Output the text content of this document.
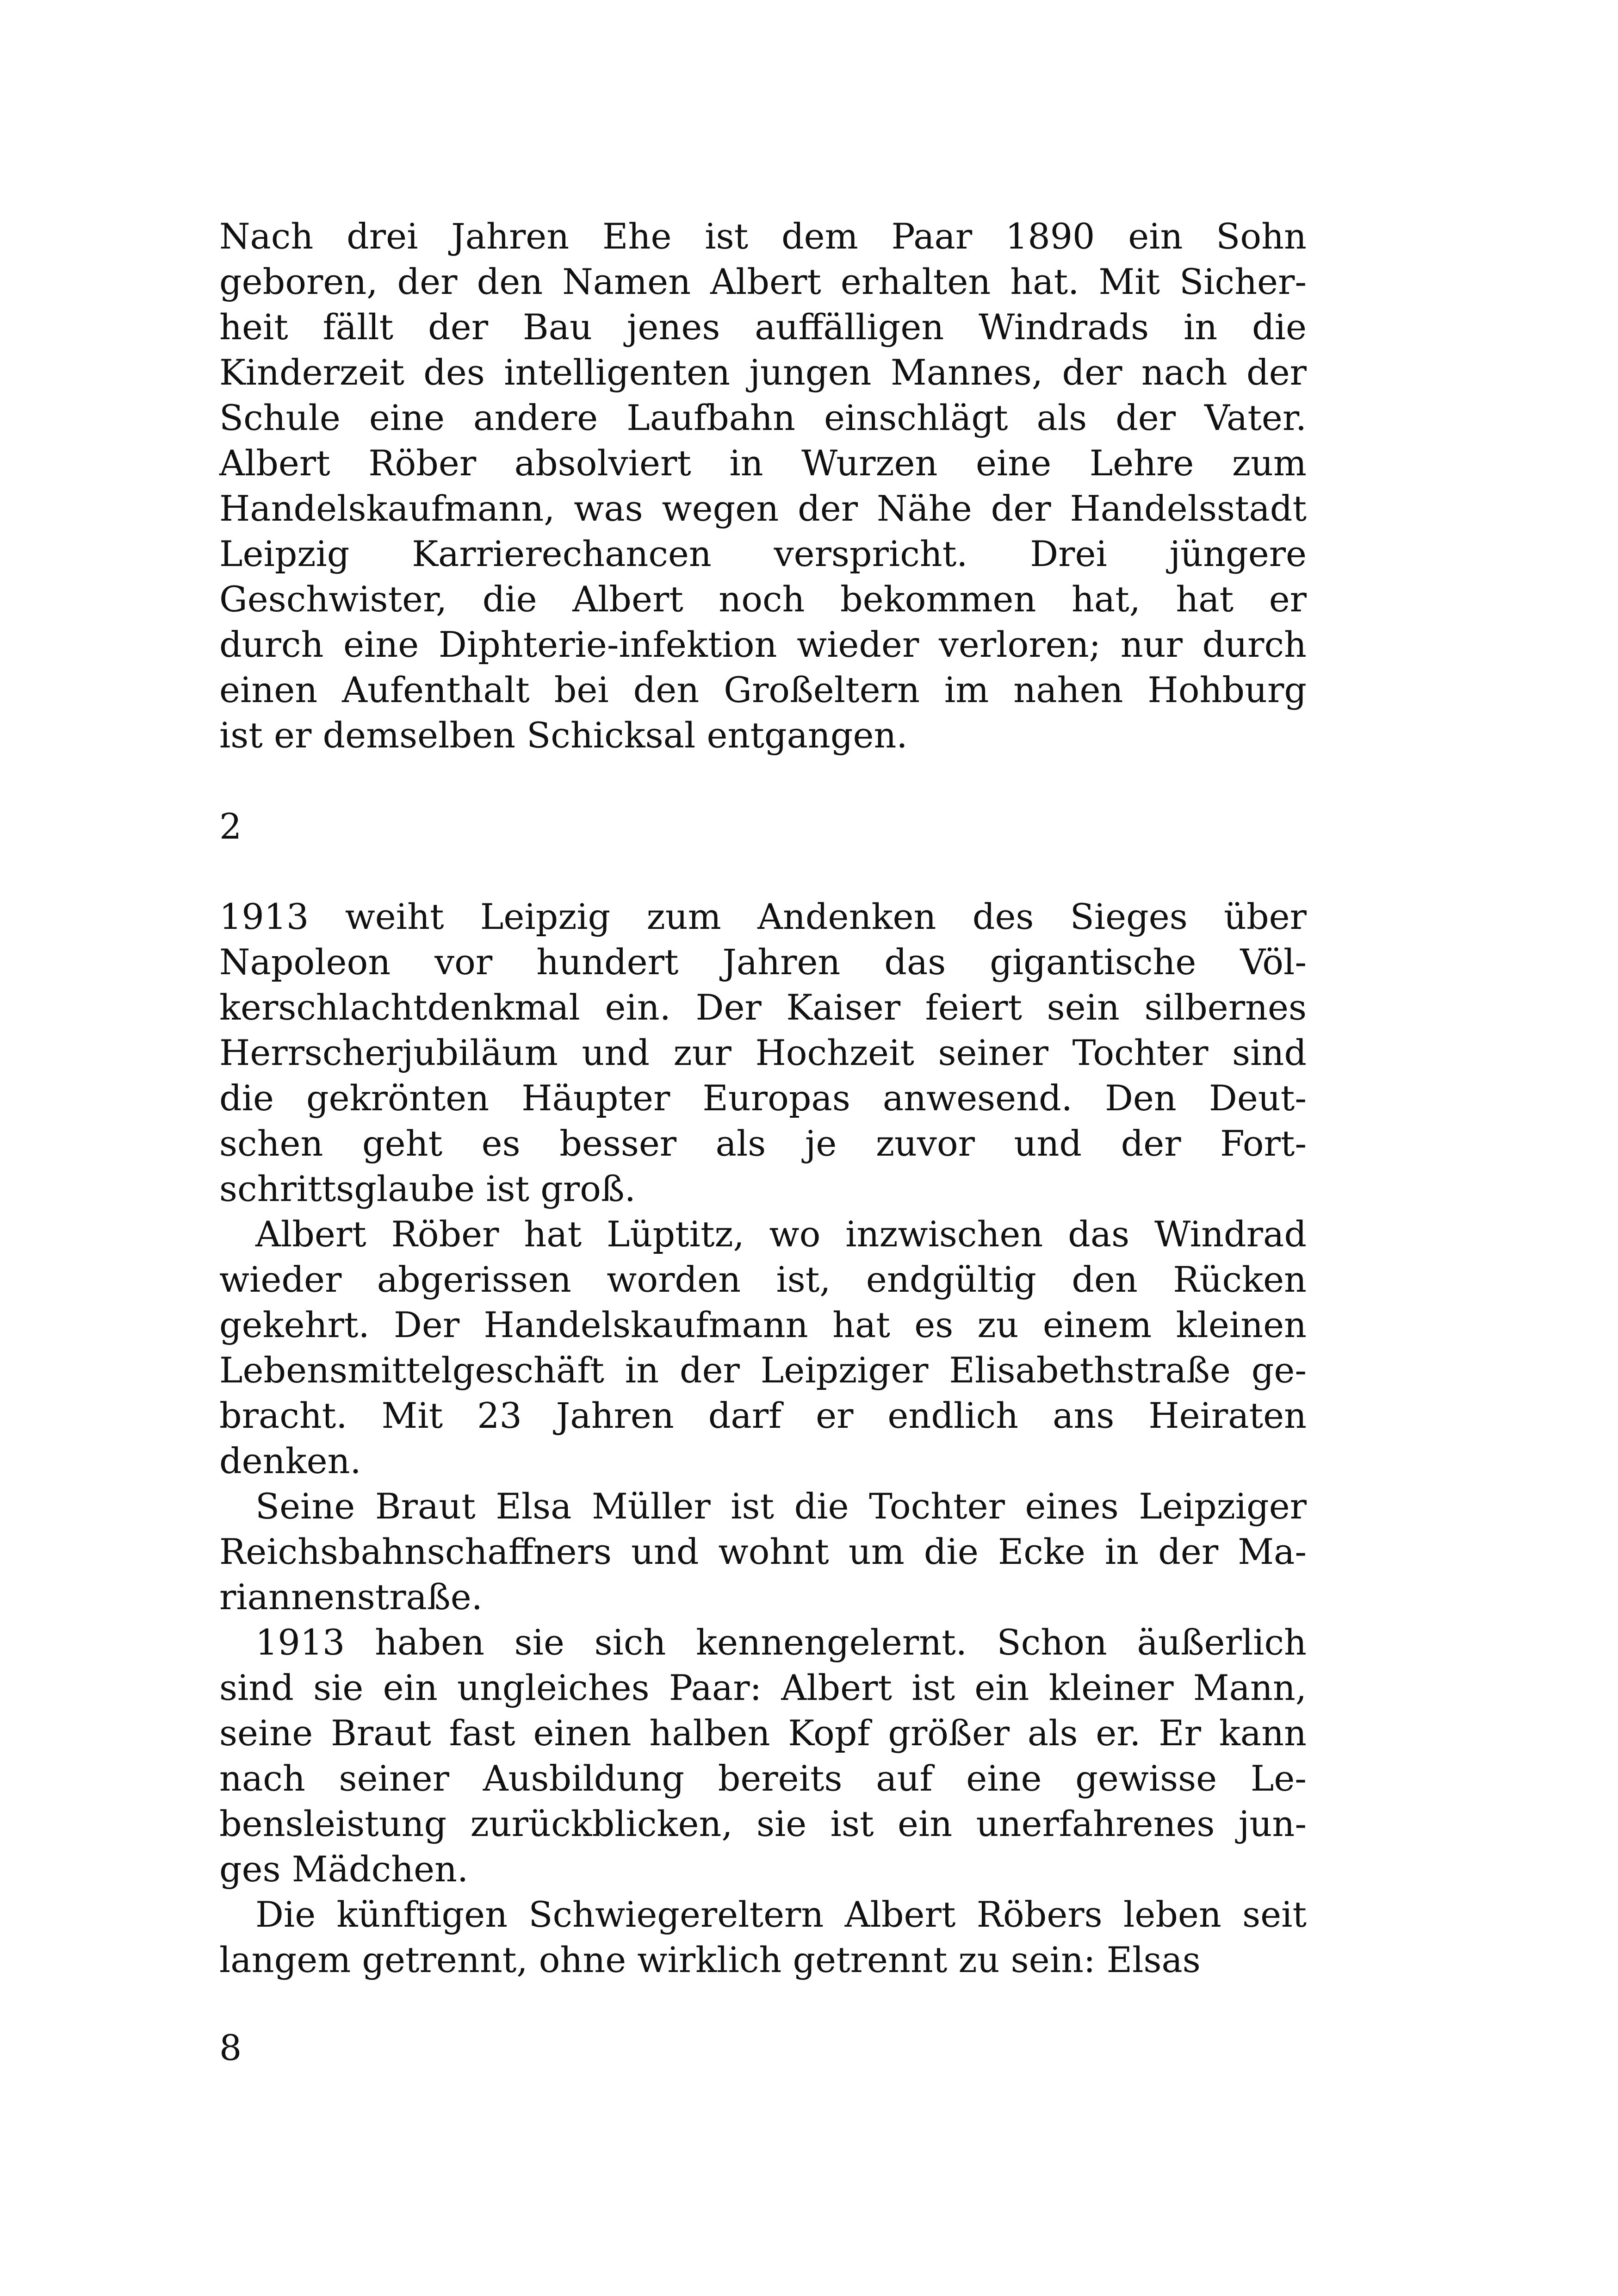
Nach drei Jahren Ehe ist dem Paar 1890 ein Sohn
geboren, der den Namen Albert erhalten hat. Mit Sicher-
heit fällt der Bau jenes auffälligen Windrads in die
Kinderzeit des intelligenten jungen Mannes, der nach der
Schule eine andere Laufbahn einschlägt als der Vater.
Albert Röber absolviert in Wurzen eine Lehre zum
Handelskaufmann, was wegen der Nähe der Handelsstadt
Leipzig Karrierechancen verspricht. Drei jüngere
Geschwister, die Albert noch bekommen hat, hat er
durch eine Diphterie-infektion wieder verloren; nur durch
einen Aufenthalt bei den Großeltern im nahen Hohburg
ist er demselben Schicksal entgangen.
2
1913 weiht Leipzig zum Andenken des Sieges über
Napoleon vor hundert Jahren das gigantische Völ-
kerschlachtdenkmal ein. Der Kaiser feiert sein silbernes
Herrscherjubiläum und zur Hochzeit seiner Tochter sind
die gekrönten Häupter Europas anwesend. Den Deut-
schen geht es besser als je zuvor und der Fort-
schrittsglaube ist groß.
Albert Röber hat Lüptitz, wo inzwischen das Windrad
wieder abgerissen worden ist, endgültig den Rücken
gekehrt. Der Handelskaufmann hat es zu einem kleinen
Lebensmittelgeschäft in der Leipziger Elisabethstraße ge-
bracht. Mit 23 Jahren darf er endlich ans Heiraten
denken.
Seine Braut Elsa Müller ist die Tochter eines Leipziger
Reichsbahnschaffners und wohnt um die Ecke in der Ma-
riannenstraße.
1913 haben sie sich kennengelernt. Schon äußerlich
sind sie ein ungleiches Paar: Albert ist ein kleiner Mann,
seine Braut fast einen halben Kopf größer als er. Er kann
nach seiner Ausbildung bereits auf eine gewisse Le-
bensleistung zurückblicken, sie ist ein unerfahrenes jun-
ges Mädchen.
Die künftigen Schwiegereltern Albert Röbers leben seit
langem getrennt, ohne wirklich getrennt zu sein: Elsas
8
